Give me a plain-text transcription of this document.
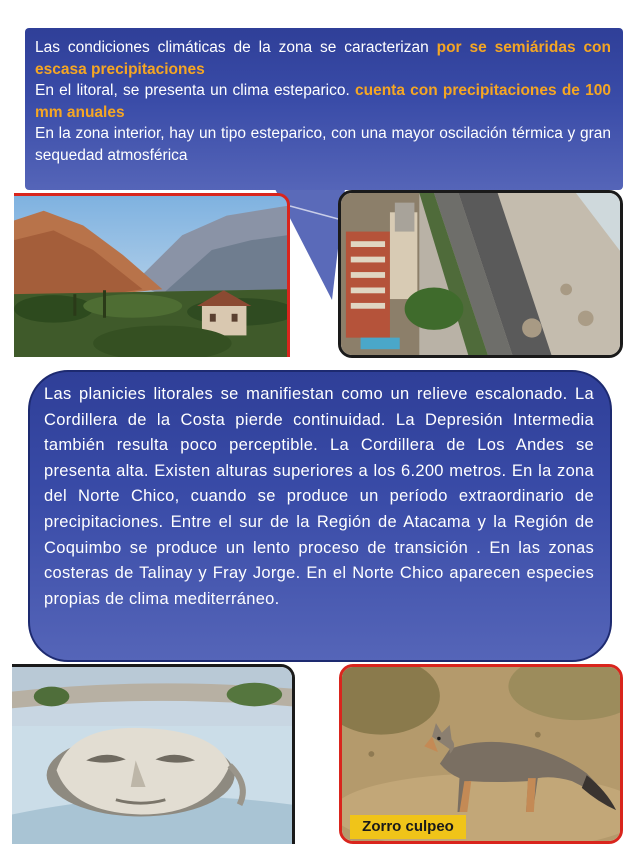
Las condiciones climáticas de la zona se caracterizan por se semiáridas con escasa precipitaciones

En el litoral, se presenta un clima esteparico. cuenta con precipitaciones de 100 mm anuales

En la zona interior, hay un tipo esteparico, con una mayor oscilación térmica y gran sequedad atmosférica

Las planicies litorales se manifiestan como un relieve escalonado. La Cordillera de la Costa pierde continuidad. La Depresión Intermedia también resulta poco perceptible. La Cordillera de Los Andes se presenta alta. Existen alturas superiores a los 6.200 metros. En la zona del Norte Chico, cuando se produce un período extraordinario de precipitaciones. Entre el sur de la Región de Atacama y la Región de Coquimbo se produce un lento proceso de transición . En las zonas costeras de Talinay y Fray Jorge. En el Norte Chico aparecen especies propias de clima mediterráneo.
Zorro culpeo
